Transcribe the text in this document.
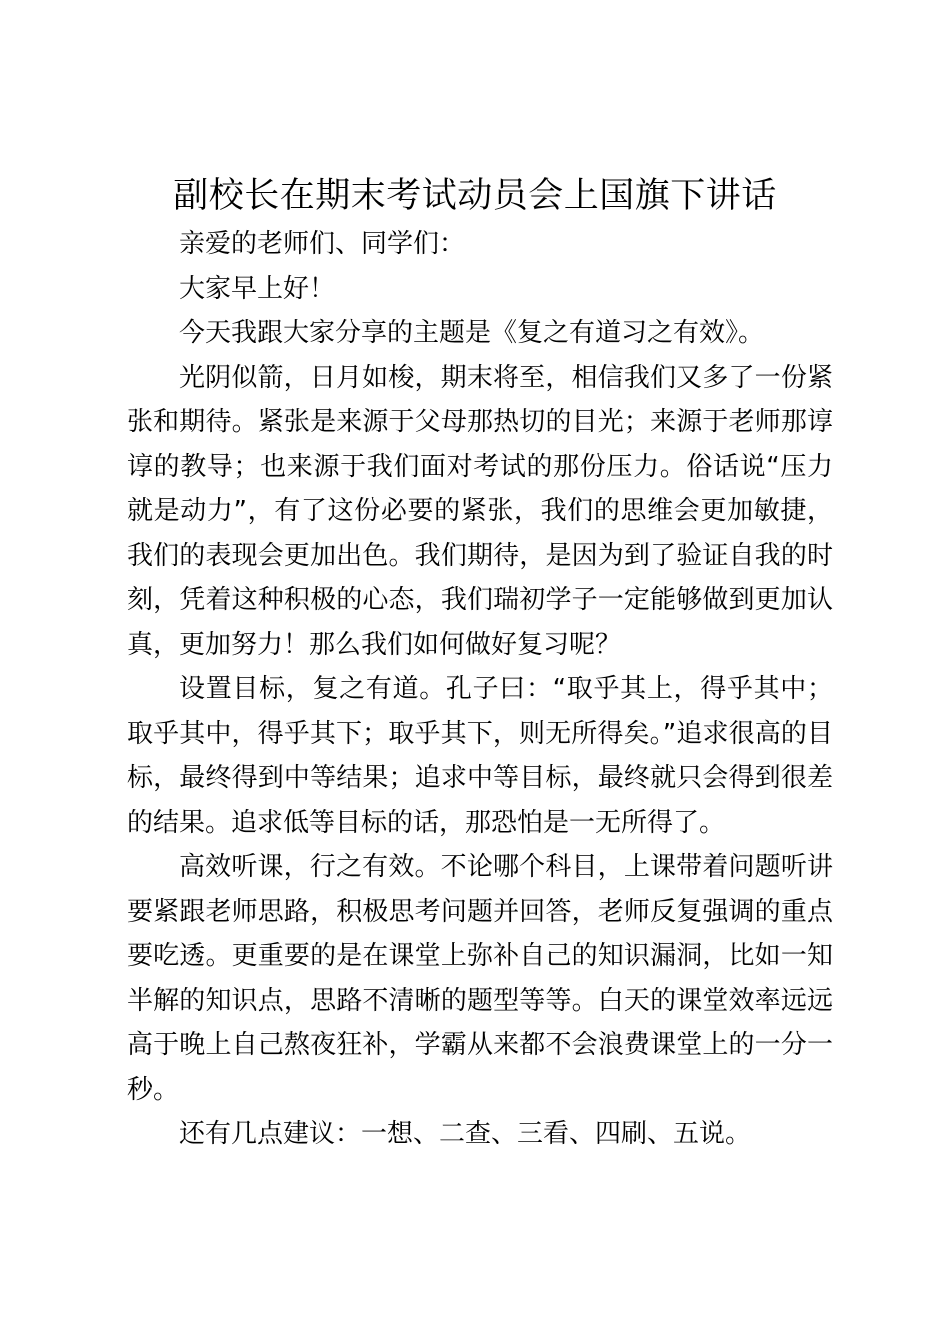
副校长在期末考试动员会上国旗下讲话

亲爱的老师们、同学们：

大家早上好！

今天我跟大家分享的主题是《复之有道习之有效》。

光阴似箭，日月如梭，期末将至，相信我们又多了一份紧张和期待。紧张是来源于父母那热切的目光；来源于老师那谆谆的教导；也来源于我们面对考试的那份压力。俗话说“压力就是动力”，有了这份必要的紧张，我们的思维会更加敏捷，我们的表现会更加出色。我们期待，是因为到了验证自我的时刻，凭着这种积极的心态，我们瑞初学子一定能够做到更加认真，更加努力！那么我们如何做好复习呢？

设置目标，复之有道。孔子曰：“取乎其上，得乎其中；取乎其中，得乎其下；取乎其下，则无所得矣。”追求很高的目标，最终得到中等结果；追求中等目标，最终就只会得到很差的结果。追求低等目标的话，那恐怕是一无所得了。

高效听课，行之有效。不论哪个科目，上课带着问题听讲要紧跟老师思路，积极思考问题并回答，老师反复强调的重点要吃透。更重要的是在课堂上弥补自己的知识漏洞，比如一知半解的知识点，思路不清晰的题型等等。白天的课堂效率远远高于晚上自己熬夜狂补，学霸从来都不会浪费课堂上的一分一秒。

还有几点建议：一想、二查、三看、四刷、五说。
